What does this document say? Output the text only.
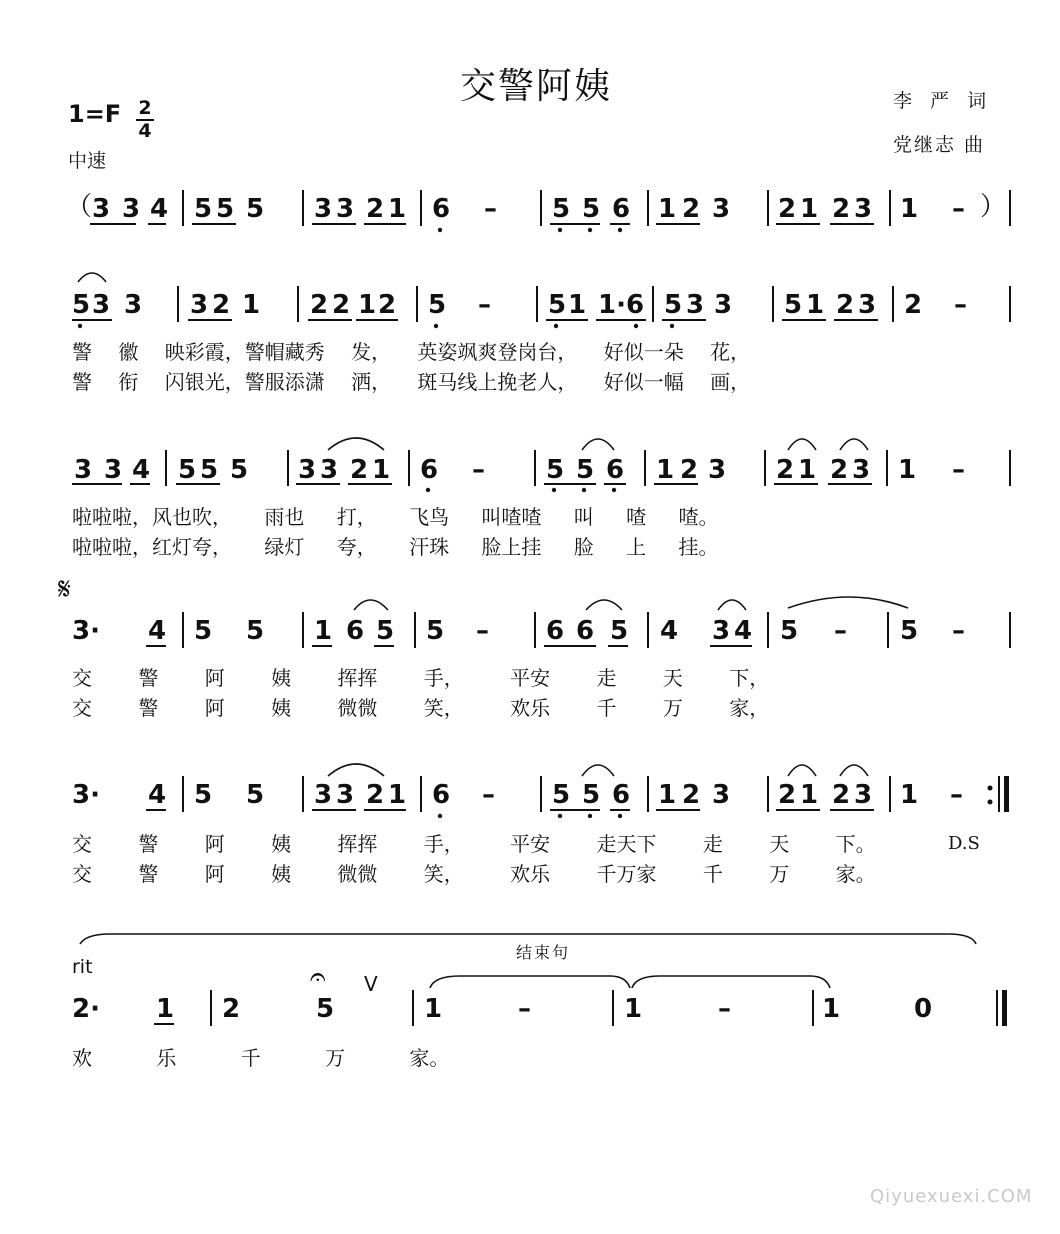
交警阿姨	李 严 词
党继志 曲
$1=F \frac{2}{4}$
中速
（ 3 3 4 5 5 5 3 3 2 1 6 – 5 5 6 1 2 3 2 1 2 3 1 – ）
5 3 3 3 2 1 2 2 1 2 5 – 5 1 1·6 5 3 3 5 1 2 3 2 –
警 徽 映彩霞，警帽藏秀 发， 英姿飒爽登岗台， 好似一朵 花，
警 衔 闪银光，警服添潇 洒， 斑马线上挽老人， 好似一幅 画，
3 3 4 5 5 5 3 3 2 1 6 – 5 5 6 1 2 3 2 1 2 3 1 –
啦啦啦，风也吹， 雨也 打， 飞鸟 叫喳喳 叫 喳 喳。
啦啦啦，红灯夸， 绿灯 夸， 汗珠 脸上挂 脸 上 挂。
𝄋
3· 4 5 5 1 6 5 5 – 6 6 5 4 3 4 5 – 5 –
交 警 阿 姨 挥挥 手， 平安 走 天 下，
交 警 阿 姨 微微 笑， 欢乐 千 万 家，
3· 4 5 5 3 3 2 1 6 – 5 5 6 1 2 3 2 1 2 3 1 –
交 警 阿 姨 挥挥 手， 平安 走天下 走 天 下。	D.S
交 警 阿 姨 微微 笑， 欢乐 千万家 千 万 家。
结束句
rit	𝄐 V
2· 1 2	5	1	–	1	–	1	0
欢 乐 千 万 家。
Qiyuexuexi.COM
